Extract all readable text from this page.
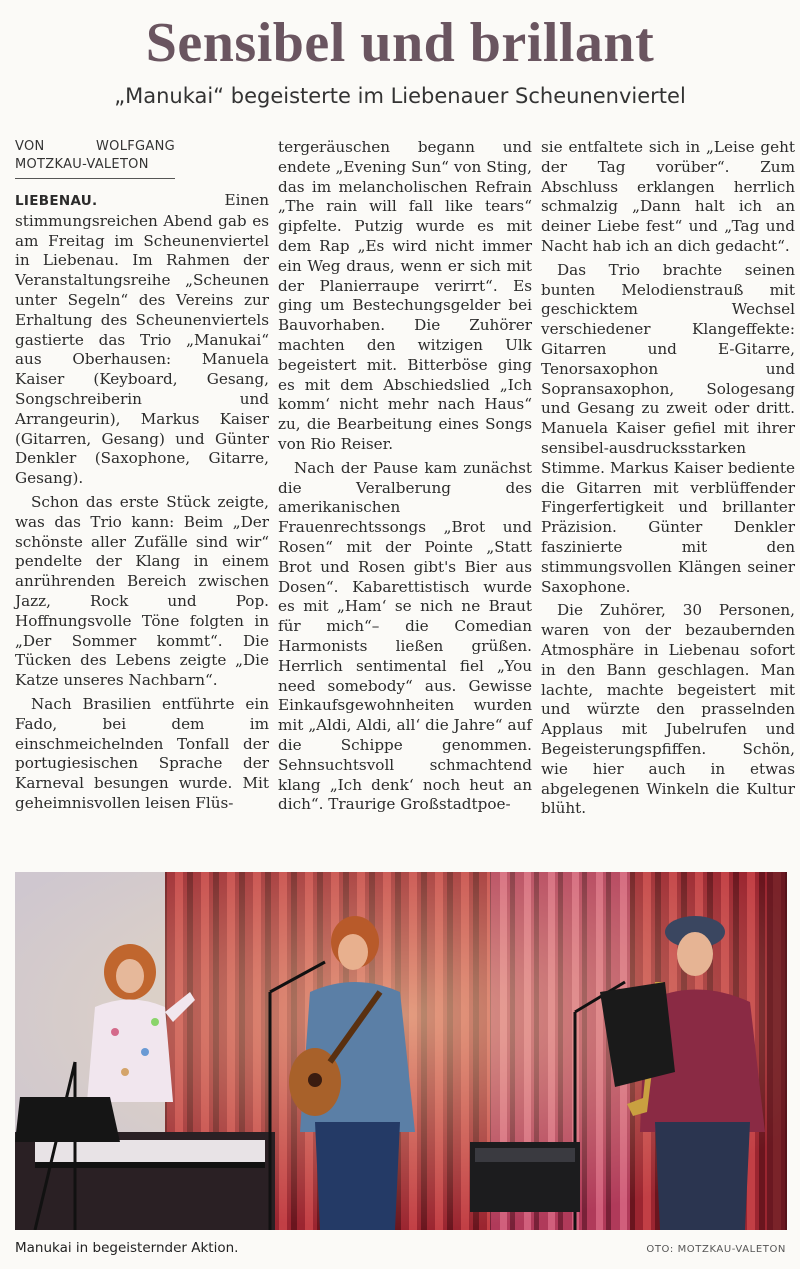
Sensibel und brillant
„Manukai“ begeisterte im Liebenauer Scheunenviertel
VON WOLFGANG MOTZKAU-VALETON

LIEBENAU. Einen stimmungsreichen Abend gab es am Freitag im Scheunenviertel in Liebenau. Im Rahmen der Veranstaltungsreihe „Scheunen unter Segeln“ des Vereins zur Erhaltung des Scheunenviertels gastierte das Trio „Manukai“ aus Oberhausen: Manuela Kaiser (Keyboard, Gesang, Songschreiberin und Arrangeurin), Markus Kaiser (Gitarren, Gesang) und Günter Denkler (Saxophone, Gitarre, Gesang).

Schon das erste Stück zeigte, was das Trio kann: Beim „Der schönste aller Zufälle sind wir“ pendelte der Klang in einem anrührenden Bereich zwischen Jazz, Rock und Pop. Hoffnungsvolle Töne folgten in „Der Sommer kommt“. Die Tücken des Lebens zeigte „Die Katze unseres Nachbarn“.

Nach Brasilien entführte ein Fado, bei dem im einschmeichelnden Tonfall der portugiesischen Sprache der Karneval besungen wurde. Mit geheimnisvollen leisen Flüs-

tergeräuschen begann und endete „Evening Sun“ von Sting, das im melancholischen Refrain „The rain will fall like tears“ gipfelte. Putzig wurde es mit dem Rap „Es wird nicht immer ein Weg draus, wenn er sich mit der Planierraupe verirrt“. Es ging um Bestechungsgelder bei Bauvorhaben. Die Zuhörer machten den witzigen Ulk begeistert mit. Bitterböse ging es mit dem Abschiedslied „Ich komm‘ nicht mehr nach Haus“ zu, die Bearbeitung eines Songs von Rio Reiser.

Nach der Pause kam zunächst die Veralberung des amerikanischen Frauenrechtssongs „Brot und Rosen“ mit der Pointe „Statt Brot und Rosen gibt's Bier aus Dosen“. Kabarettistisch wurde es mit „Ham‘ se nich ne Braut für mich“– die Comedian Harmonists ließen grüßen. Herrlich sentimental fiel „You need somebody“ aus. Gewisse Einkaufsgewohnheiten wurden mit „Aldi, Aldi, all‘ die Jahre“ auf die Schippe genommen. Sehnsuchtsvoll schmachtend klang „Ich denk‘ noch heut an dich“. Traurige Großstadtpoe-

sie entfaltete sich in „Leise geht der Tag vorüber“. Zum Abschluss erklangen herrlich schmalzig „Dann halt ich an deiner Liebe fest“ und „Tag und Nacht hab ich an dich gedacht“.

Das Trio brachte seinen bunten Melodienstrauß mit geschicktem Wechsel verschiedener Klangeffekte: Gitarren und E-Gitarre, Tenorsaxophon und Sopransaxophon, Sologesang und Gesang zu zweit oder dritt. Manuela Kaiser gefiel mit ihrer sensibel-ausdrucksstarken Stimme. Markus Kaiser bediente die Gitarren mit verblüffender Fingerfertigkeit und brillanter Präzision. Günter Denkler faszinierte mit den stimmungsvollen Klängen seiner Saxophone.

Die Zuhörer, 30 Personen, waren von der bezaubernden Atmosphäre in Liebenau sofort in den Bann geschlagen. Man lachte, machte begeistert mit und würzte den prasselnden Applaus mit Jubelrufen und Begeisterungspfiffen. Schön, wie hier auch in etwas abgelegenen Winkeln die Kultur blüht.

Manukai in begeisternder Aktion.	OTO: MOTZKAU-VALETON
